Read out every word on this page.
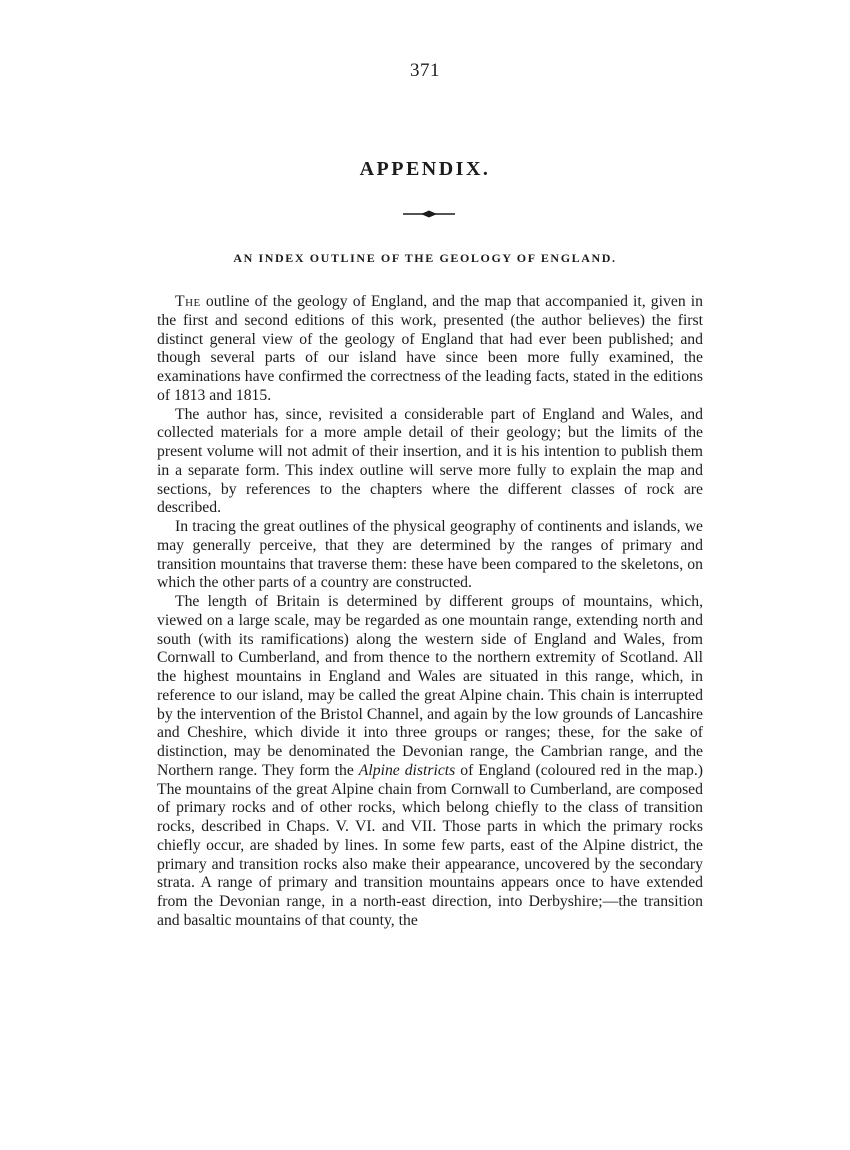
371
APPENDIX.
AN INDEX OUTLINE OF THE GEOLOGY OF ENGLAND.

The outline of the geology of England, and the map that accompanied it, given in the first and second editions of this work, presented (the author believes) the first distinct general view of the geology of England that had ever been published; and though several parts of our island have since been more fully examined, the examinations have confirmed the correctness of the leading facts, stated in the editions of 1813 and 1815.

The author has, since, revisited a considerable part of England and Wales, and collected materials for a more ample detail of their geology; but the limits of the present volume will not admit of their insertion, and it is his intention to publish them in a separate form. This index outline will serve more fully to explain the map and sections, by references to the chapters where the different classes of rock are described.

In tracing the great outlines of the physical geography of continents and islands, we may generally perceive, that they are determined by the ranges of primary and transition mountains that traverse them: these have been compared to the skeletons, on which the other parts of a country are constructed.

The length of Britain is determined by different groups of mountains, which, viewed on a large scale, may be regarded as one mountain range, extending north and south (with its ramifications) along the western side of England and Wales, from Cornwall to Cumberland, and from thence to the northern extremity of Scotland. All the highest mountains in England and Wales are situated in this range, which, in reference to our island, may be called the great Alpine chain. This chain is interrupted by the intervention of the Bristol Channel, and again by the low grounds of Lancashire and Cheshire, which divide it into three groups or ranges; these, for the sake of distinction, may be denominated the Devonian range, the Cambrian range, and the Northern range. They form the Alpine districts of England (coloured red in the map.) The mountains of the great Alpine chain from Cornwall to Cumberland, are composed of primary rocks and of other rocks, which belong chiefly to the class of transition rocks, described in Chaps. V. VI. and VII. Those parts in which the primary rocks chiefly occur, are shaded by lines. In some few parts, east of the Alpine district, the primary and transition rocks also make their appearance, uncovered by the secondary strata. A range of primary and transition mountains appears once to have extended from the Devonian range, in a north-east direction, into Derbyshire;—the transition and basaltic mountains of that county, the
